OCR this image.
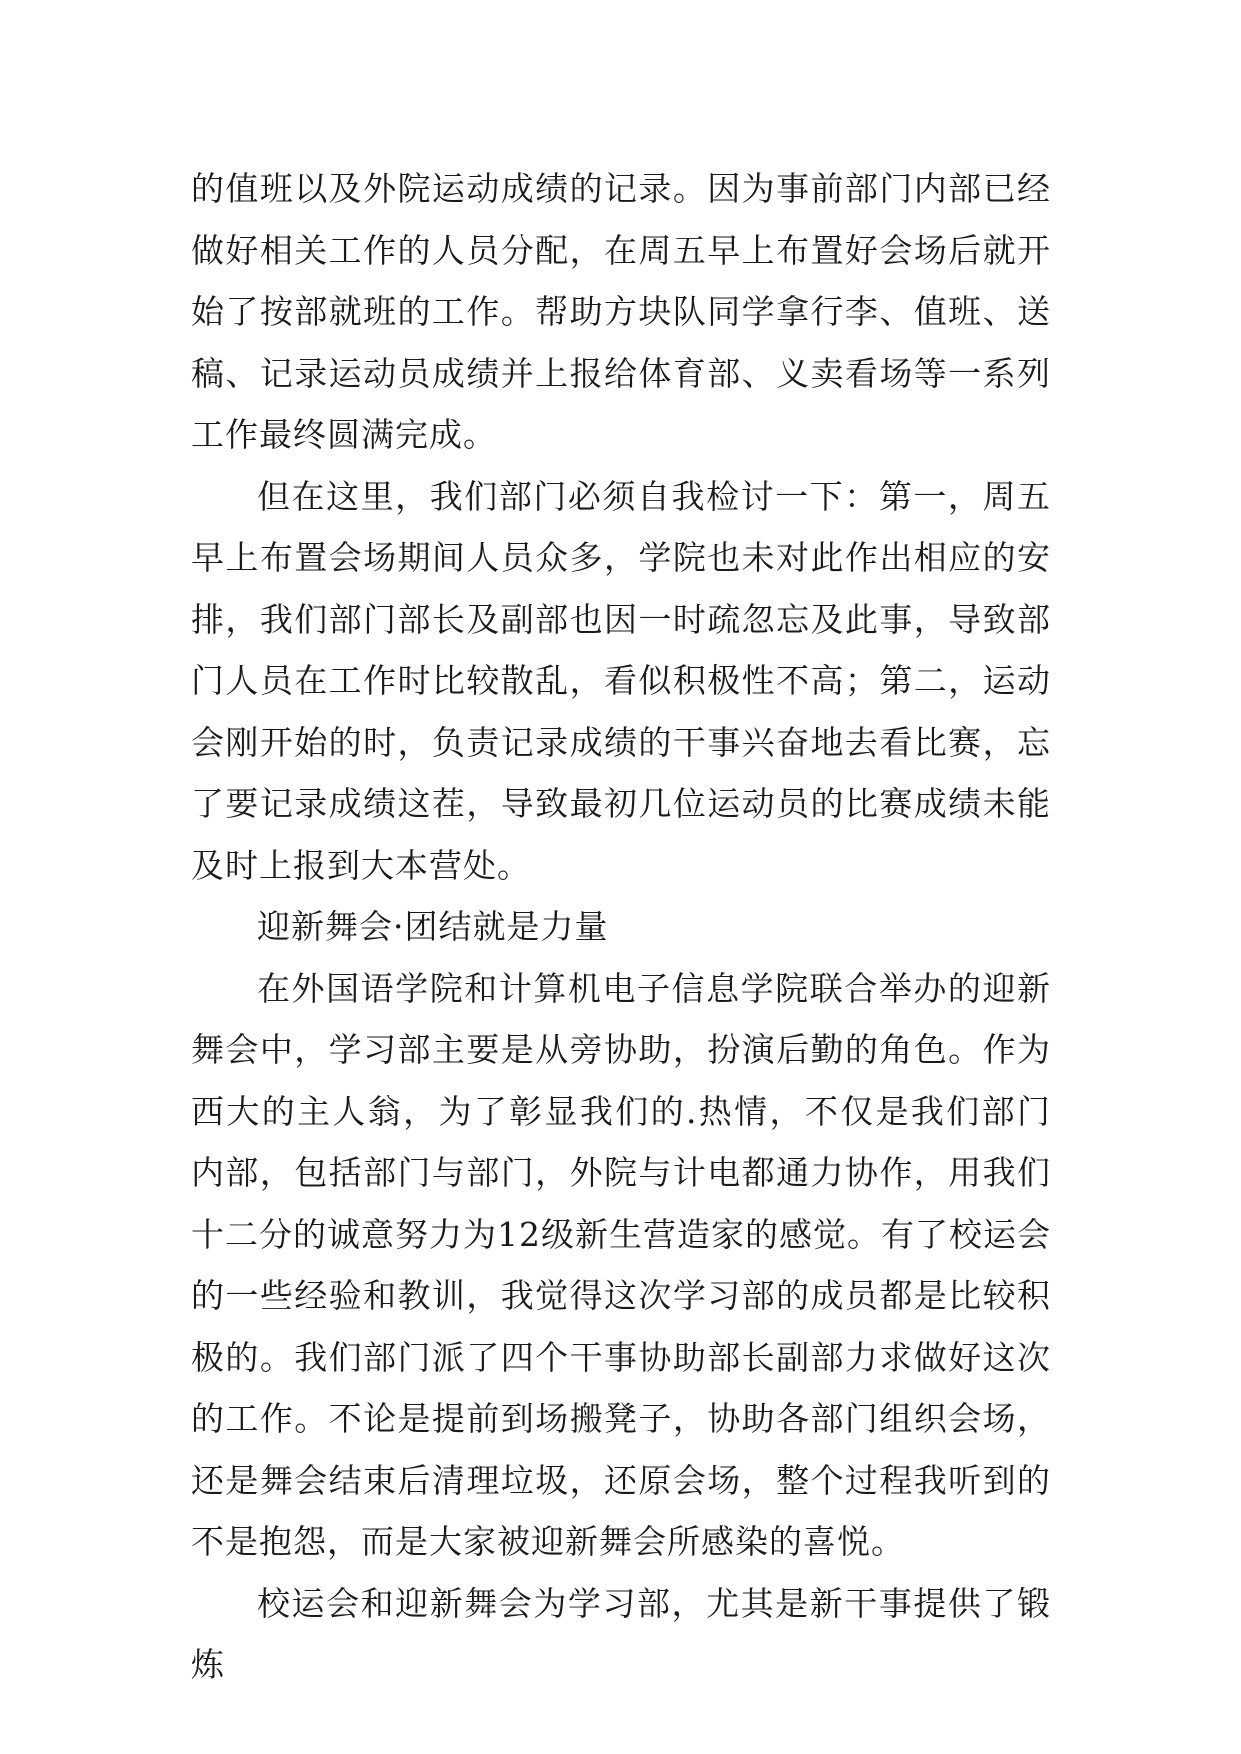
的值班以及外院运动成绩的记录。因为事前部门内部已经做好相关工作的人员分配，在周五早上布置好会场后就开始了按部就班的工作。帮助方块队同学拿行李、值班、送稿、记录运动员成绩并上报给体育部、义卖看场等一系列工作最终圆满完成。

但在这里，我们部门必须自我检讨一下：第一，周五早上布置会场期间人员众多，学院也未对此作出相应的安排，我们部门部长及副部也因一时疏忽忘及此事，导致部门人员在工作时比较散乱，看似积极性不高；第二，运动会刚开始的时，负责记录成绩的干事兴奋地去看比赛，忘了要记录成绩这茬，导致最初几位运动员的比赛成绩未能及时上报到大本营处。

迎新舞会·团结就是力量

在外国语学院和计算机电子信息学院联合举办的迎新舞会中，学习部主要是从旁协助，扮演后勤的角色。作为西大的主人翁，为了彰显我们的.热情，不仅是我们部门内部，包括部门与部门，外院与计电都通力协作，用我们十二分的诚意努力为12级新生营造家的感觉。有了校运会的一些经验和教训，我觉得这次学习部的成员都是比较积极的。我们部门派了四个干事协助部长副部力求做好这次的工作。不论是提前到场搬凳子，协助各部门组织会场，还是舞会结束后清理垃圾，还原会场，整个过程我听到的不是抱怨，而是大家被迎新舞会所感染的喜悦。

校运会和迎新舞会为学习部，尤其是新干事提供了锻炼
